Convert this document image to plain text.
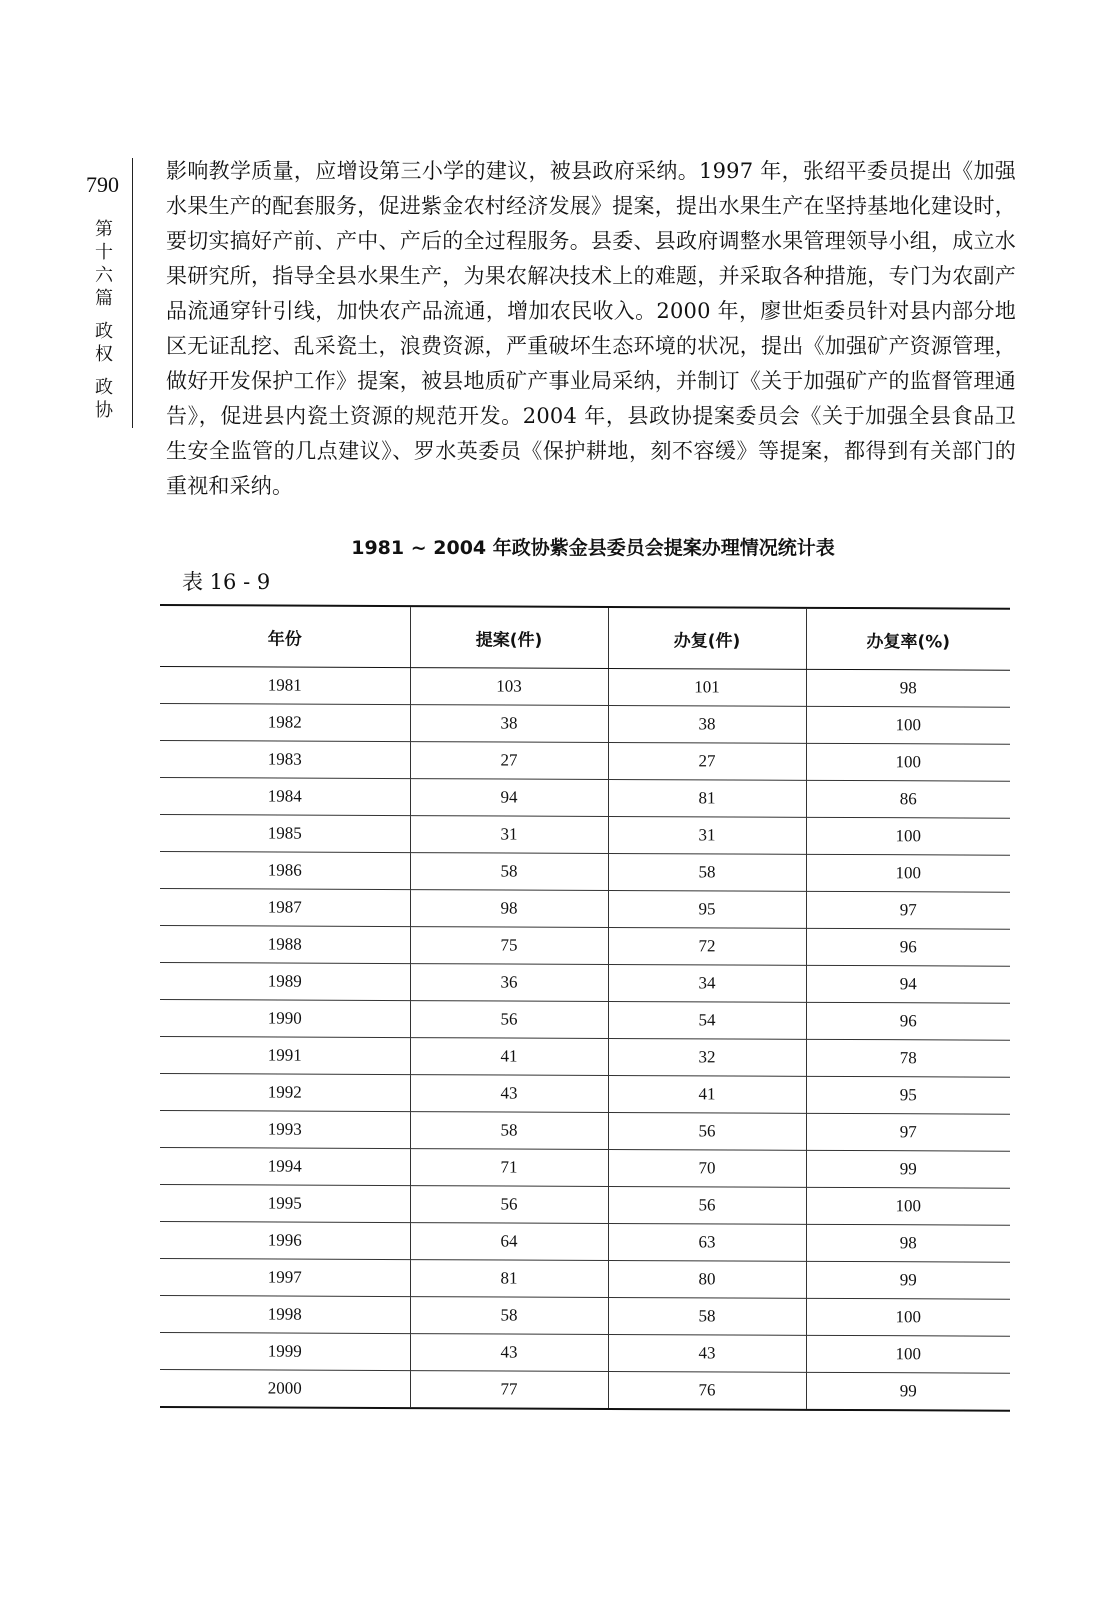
790
第
十
六
篇
政
权
政
协

影响教学质量，应增设第三小学的建议，被县政府采纳。1997 年，张绍平委员提出《加强水果生产的配套服务，促进紫金农村经济发展》提案，提出水果生产在坚持基地化建设时，要切实搞好产前、产中、产后的全过程服务。县委、县政府调整水果管理领导小组，成立水果研究所，指导全县水果生产，为果农解决技术上的难题，并采取各种措施，专门为农副产品流通穿针引线，加快农产品流通，增加农民收入。2000 年，廖世炬委员针对县内部分地区无证乱挖、乱采瓷土，浪费资源，严重破坏生态环境的状况，提出《加强矿产资源管理，做好开发保护工作》提案，被县地质矿产事业局采纳，并制订《关于加强矿产的监督管理通告》，促进县内瓷土资源的规范开发。2004 年，县政协提案委员会《关于加强全县食品卫生安全监管的几点建议》、罗水英委员《保护耕地，刻不容缓》等提案，都得到有关部门的重视和采纳。

1981 ~ 2004 年政协紫金县委员会提案办理情况统计表
表 16 - 9
年份	提案(件)	办复(件)	办复率(%)
1981	103	101	98
1982	38	38	100
1983	27	27	100
1984	94	81	86
1985	31	31	100
1986	58	58	100
1987	98	95	97
1988	75	72	96
1989	36	34	94
1990	56	54	96
1991	41	32	78
1992	43	41	95
1993	58	56	97
1994	71	70	99
1995	56	56	100
1996	64	63	98
1997	81	80	99
1998	58	58	100
1999	43	43	100
2000	77	76	99
